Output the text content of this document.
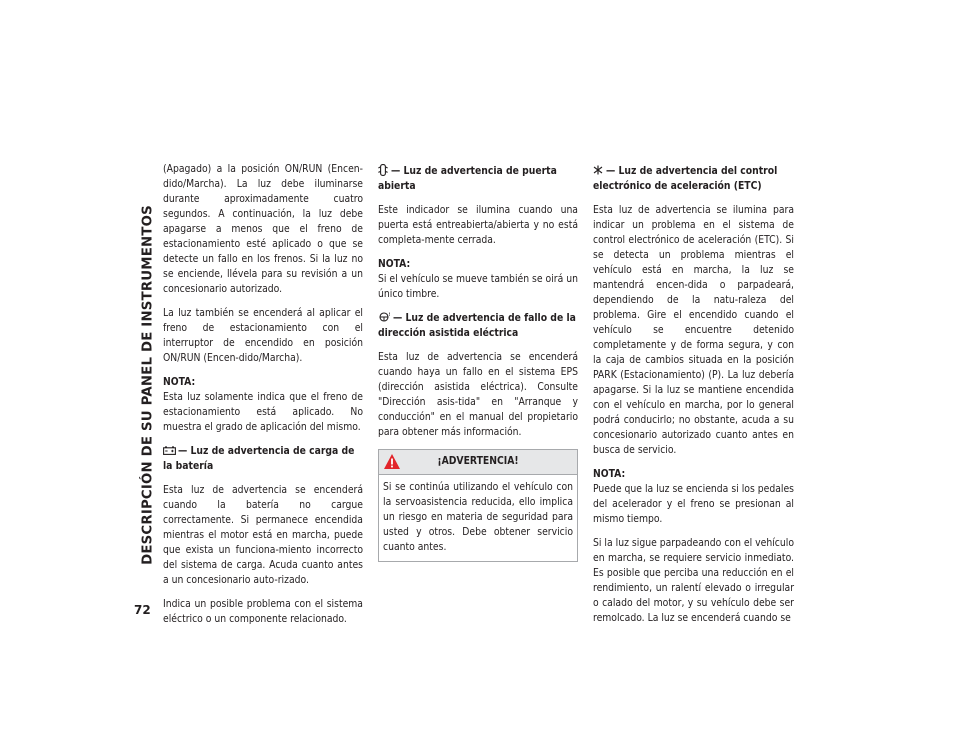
DESCRIPCIÓN DE SU PANEL DE INSTRUMENTOS
72

(Apagado) a la posición ON/RUN (Encen-dido/Marcha). La luz debe iluminarse durante aproximadamente cuatro segundos. A continuación, la luz debe apagarse a menos que el freno de estacionamiento esté aplicado o que se detecte un fallo en los frenos. Si la luz no se enciende, llévela para su revisión a un concesionario autorizado.

La luz también se encenderá al aplicar el freno de estacionamiento con el interruptor de encendido en posición ON/RUN (Encen-dido/Marcha).

NOTA:
Esta luz solamente indica que el freno de estacionamiento está aplicado. No muestra el grado de aplicación del mismo.
— Luz de advertencia de carga de la batería

Esta luz de advertencia se encenderá cuando la batería no cargue correctamente. Si permanece encendida mientras el motor está en marcha, puede que exista un funciona-miento incorrecto del sistema de carga. Acuda cuanto antes a un concesionario auto-rizado.

Indica un posible problema con el sistema eléctrico o un componente relacionado.

— Luz de advertencia de puerta abierta

Este indicador se ilumina cuando una puerta está entreabierta/abierta y no está completa-mente cerrada.

NOTA:
Si el vehículo se mueve también se oirá un único timbre.
! — Luz de advertencia de fallo de la dirección asistida eléctrica

Esta luz de advertencia se encenderá cuando haya un fallo en el sistema EPS (dirección asistida eléctrica). Consulte "Dirección asis-tida" en "Arranque y conducción" en el manual del propietario para obtener más información.

¡ADVERTENCIA!
Si se continúa utilizando el vehículo con la servoasistencia reducida, ello implica un riesgo en materia de seguridad para usted y otros. Debe obtener servicio cuanto antes.
— Luz de advertencia del control electrónico de aceleración (ETC)

Esta luz de advertencia se ilumina para indicar un problema en el sistema de control electrónico de aceleración (ETC). Si se detecta un problema mientras el vehículo está en marcha, la luz se mantendrá encen-dida o parpadeará, dependiendo de la natu-raleza del problema. Gire el encendido cuando el vehículo se encuentre detenido completamente y de forma segura, y con la caja de cambios situada en la posición PARK (Estacionamiento) (P). La luz debería apagarse. Si la luz se mantiene encendida con el vehículo en marcha, por lo general podrá conducirlo; no obstante, acuda a su concesionario autorizado cuanto antes en busca de servicio.

NOTA:
Puede que la luz se encienda si los pedales del acelerador y el freno se presionan al mismo tiempo.

Si la luz sigue parpadeando con el vehículo en marcha, se requiere servicio inmediato. Es posible que perciba una reducción en el rendimiento, un ralentí elevado o irregular o calado del motor, y su vehículo debe ser remolcado. La luz se encenderá cuando se
